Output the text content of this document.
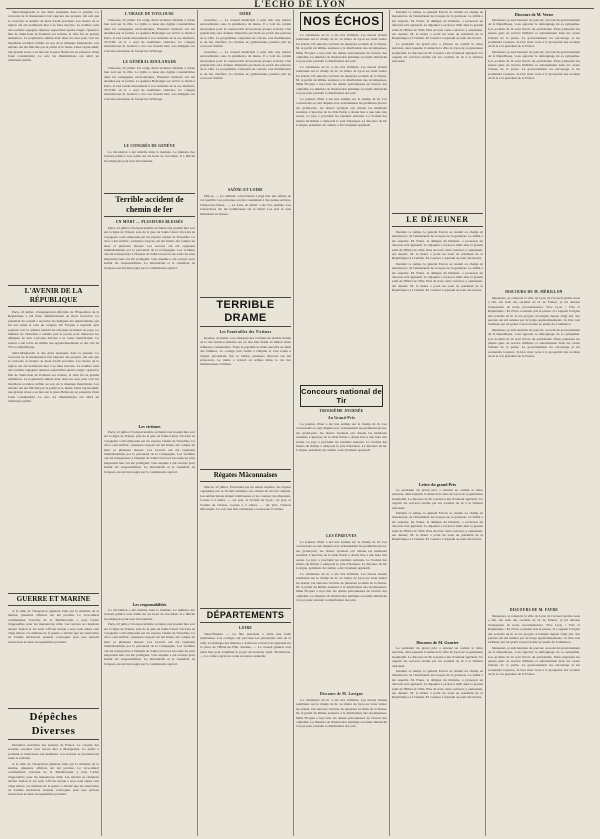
L'ECHO DE LYON

Saint-Marguerite et des deux Arsenaux dans la journée. Le concours de la Renaissance fait toujours des progrès. On sait que le concours se tiendra au mois d'août prochain. Les tireurs de la région ont été nombreux hier à se faire inscrire. Le nombre total des sociétés engagées dépasse aujourd'hui quatre-vingts. Quand la fête de Saint-Jean de Pomaret est arrivée, la ville fut en grande animation. La population entière était dans les rues pour voir les bataillons scolaires défiler au son de la musique municipale. Les enfants ont été félicités par le préfet et le maire. Dans l'après-midi, une grande revue a eu lieu sur la place Bellecour en présence d'une foule considérable. Le soir, les illuminations ont attiré un nombreux public.

L'AVENIR DE LA RÉPUBLIQUE

Paris, 22 juillet. L'inauguration officielle de l'Exposition de la République a été fixée définitivement au mois d'octobre. Le président du conseil a reçu hier les délégués des départements, qui lui ont remis le vœu du congrès. M. Floquet a répondu qu'il espérait voir se réaliser bientôt les réformes promises au pays. Le ministre de l'intérieur a ensuite pris la parole pour remercier les délégués de leur concours dévoué à la cause républicaine. La séance a été levée au milieu des applaudissements et des cris de Vive la République.

Saint-Marguerite et des deux Arsenaux dans la journée. Le concours de la Renaissance fait toujours des progrès. On sait que le concours se tiendra au mois d'août prochain. Les tireurs de la région ont été nombreux hier à se faire inscrire. Le nombre total des sociétés engagées dépasse aujourd'hui quatre-vingts. Quand la fête de Saint-Jean de Pomaret est arrivée, la ville fut en grande animation. La population entière était dans les rues pour voir les bataillons scolaires défiler au son de la musique municipale. Les enfants ont été félicités par le préfet et le maire. Dans l'après-midi, une grande revue a eu lieu sur la place Bellecour en présence d'une foule considérable. Le soir, les illuminations ont attiré un nombreux public.

GUERRE ET MARINE

A la suite de l'inspection générale faite par le ministre de la marine, plusieurs officiers ont été promus. Le vice-amiral commandant l'escadre de la Méditerranée a reçu l'ordre d'appareiller pour les manœuvres d'été. Les navires se réuniront devant Toulon le 1er août. L'École navale a reçu cette année cent vingt élèves. Le ministre de la guerre a décidé que les réservistes de l'armée territoriale seraient convoqués pour une période d'exercices au mois de septembre prochain.

Dépêches Diverses

Dernières nouvelles des stations de France. Le congrès des sociétés savantes s'est ouvert hier à Montpellier. Le préfet a souhaité la bienvenue aux membres. Les travaux se poursuivront toute la semaine.

A la suite de l'inspection générale faite par le ministre de la marine, plusieurs officiers ont été promus. Le vice-amiral commandant l'escadre de la Méditerranée a reçu l'ordre d'appareiller pour les manœuvres d'été. Les navires se réuniront devant Toulon le 1er août. L'École navale a reçu cette année cent vingt élèves. Le ministre de la guerre a décidé que les réservistes de l'armée territoriale seraient convoqués pour une période d'exercices au mois de septembre prochain.

L'ORAGE DE TOULOUSE

Toulouse, 22 juillet. Un orage d'une violence extrême a éclaté hier soir sur la ville. La grêle a causé des dégâts considérables dans les campagnes environnantes. Plusieurs maisons ont été atteintes par la foudre. Le général Boulanger est arrivé ce matin à Paris. Il s'est rendu directement à son domicile de la rue Dumont-d'Urville où il a reçu de nombreux visiteurs. Le congrès international de Genève a clos ses travaux hier. Les délégués ont voté une résolution en faveur de l'arbitrage.

LE GÉNÉRAL BOULANGER

Toulouse, 22 juillet. Un orage d'une violence extrême a éclaté hier soir sur la ville. La grêle a causé des dégâts considérables dans les campagnes environnantes. Plusieurs maisons ont été atteintes par la foudre. Le général Boulanger est arrivé ce matin à Paris. Il s'est rendu directement à son domicile de la rue Dumont-d'Urville où il a reçu de nombreux visiteurs. Le congrès international de Genève a clos ses travaux hier. Les délégués ont voté une résolution en faveur de l'arbitrage.

LE CONGRÈS DE GENÈVE

La circulation a été rétablie dans la matinée. Le ministre des travaux publics s'est rendu sur les lieux de l'accident. Il a félicité les employés pour leur dévouement.

Terrible accident de chemin de fer
UN MORT — PLUSIEURS BLESSÉS

Paris, 22 juillet. Un épouvantable accident s'est produit hier soir sur la ligne de l'Ouest, près de la gare de Saint-Cloud. Un train de voyageurs a été tamponné par un express venant de Versailles. Le choc a été terrible : plusieurs wagons ont été brisés. On compte un mort et plusieurs blessés. Les secours ont été organisés immédiatement par le personnel de la Compagnie. Les victimes ont été transportées à l'hôpital de Saint-Cloud où les soins les plus empressés leur ont été prodigués. Une enquête a été ouverte pour établir les responsabilités. Le mécanicien et le chauffeur de l'express ont été interrogés par le commissaire spécial.

Les victimes

Paris, 22 juillet. Un épouvantable accident s'est produit hier soir sur la ligne de l'Ouest, près de la gare de Saint-Cloud. Un train de voyageurs a été tamponné par un express venant de Versailles. Le choc a été terrible : plusieurs wagons ont été brisés. On compte un mort et plusieurs blessés. Les secours ont été organisés immédiatement par le personnel de la Compagnie. Les victimes ont été transportées à l'hôpital de Saint-Cloud où les soins les plus empressés leur ont été prodigués. Une enquête a été ouverte pour établir les responsabilités. Le mécanicien et le chauffeur de l'express ont été interrogés par le commissaire spécial.

Les responsabilités

La circulation a été rétablie dans la matinée. Le ministre des travaux publics s'est rendu sur les lieux de l'accident. Il a félicité les employés pour leur dévouement.

Paris, 22 juillet. Un épouvantable accident s'est produit hier soir sur la ligne de l'Ouest, près de la gare de Saint-Cloud. Un train de voyageurs a été tamponné par un express venant de Versailles. Le choc a été terrible : plusieurs wagons ont été brisés. On compte un mort et plusieurs blessés. Les secours ont été organisés immédiatement par le personnel de la Compagnie. Les victimes ont été transportées à l'hôpital de Saint-Cloud où les soins les plus empressés leur ont été prodigués. Une enquête a été ouverte pour établir les responsabilités. Le mécanicien et le chauffeur de l'express ont été interrogés par le commissaire spécial.

ISÈRE

Grenoble. — Le conseil municipal a tenu hier une séance extraordinaire sous la présidence du maire. Il a voté les crédits nécessaires pour la construction du nouveau groupe scolaire. Une grande fête sera donnée dimanche prochain au profit des pauvres de la ville. Le programme comprend un concert, une illumination et un feu d'artifice. La Société de gymnastique prendra part au concours fédéral.

Grenoble. — Le conseil municipal a tenu hier une séance extraordinaire sous la présidence du maire. Il a voté les crédits nécessaires pour la construction du nouveau groupe scolaire. Une grande fête sera donnée dimanche prochain au profit des pauvres de la ville. Le programme comprend un concert, une illumination et un feu d'artifice. La Société de gymnastique prendra part au concours fédéral.

SAÔNE-ET-LOIRE

Mâcon. — Le tribunal correctionnel a jugé hier une affaire de vol qualifié. Les prévenus ont été condamnés à des peines sévères. Chalon-sur-Saône. — La foire de juillet a été très animée. Les transactions ont été nombreuses sur le bétail. Les prix se sont maintenus en hausse.

TERRIBLE DRAME
Les Funérailles des Victimes

Roanne, 22 juillet. Les obsèques des victimes du terrible drame de la rue Sainte-Catherine ont eu lieu hier matin au milieu d'une affluence considérable. Toute la population s'était associée au deuil des familles. Le cortège s'est formé à l'hôpital et s'est rendu à l'église paroissiale. Sur la tombe, plusieurs discours ont été prononcés. Le maire a retracé en termes émus la vie des malheureuses victimes.

Régates Mâconnaises

Mâcon, 22 juillet. Favorisées par un temps superbe, les régates organisées par la Société nautique ont obtenu un succès complet. Les embarcations étaient nombreuses et les courses très disputées. Course à 4 rames. — 1er prix, la Société de Lyon ; 2e prix, la Société de Chalon. Course à 2 rames. — 1er prix, l'Aviron mâconnais. Le soir, une fête vénitienne a eu lieu sur la Saône.

DÉPARTEMENTS
LOIRE

Saint-Étienne. — La fête patronale a attiré une foule nombreuse. Les cortèges ont parcouru les principales rues de la ville. La musique des mineurs a donné un concert très applaudi sur la place de l'Hôtel-de-Ville. Roanne. — Le conseil général s'est réuni hier pour examiner le projet du nouveau canal. Montbrison. — Le comice agricole a tenu sa séance annuelle.

NOS ÉCHOS

La cérémonie du tir a été très brillante. Les tireurs étaient nombreux sur le champ de tir. Le maire de Lyon est venu visiter les stands. On annonce l'arrivée de plusieurs sociétés de la Suisse. M. le préfet du Rhône assistera à la distribution des récompenses. Mme Floquet a reçu hier les dames patronnesses de l'œuvre des orphelins. Le ministre de l'instruction publique se rendra dimanche à Lyon pour présider la distribution des prix.

La cérémonie du tir a été très brillante. Les tireurs étaient nombreux sur le champ de tir. Le maire de Lyon est venu visiter les stands. On annonce l'arrivée de plusieurs sociétés de la Suisse. M. le préfet du Rhône assistera à la distribution des récompenses. Mme Floquet a reçu hier les dames patronnesses de l'œuvre des orphelins. Le ministre de l'instruction publique se rendra dimanche à Lyon pour présider la distribution des prix.

La journée d'hier a été très animée sur le champ de tir. Les concurrents se sont disputé avec acharnement les premières places. Au grand-prix, les tireurs lyonnais ont obtenu les meilleurs résultats. L'épreuve de la cible Patrie a donné lieu à une lutte très serrée. Le jury a proclamé les résultats suivants. La Société des tireurs du Rhône a remporté le prix d'honneur. Le discours de M. Lavigne, président du comité, a été vivement applaudi.

Concours national de Tir
TROISIÈME JOURNÉE
Au Grand-Prix

La journée d'hier a été très animée sur le champ de tir. Les concurrents se sont disputé avec acharnement les premières places. Au grand-prix, les tireurs lyonnais ont obtenu les meilleurs résultats. L'épreuve de la cible Patrie a donné lieu à une lutte très serrée. Le jury a proclamé les résultats suivants. La Société des tireurs du Rhône a remporté le prix d'honneur. Le discours de M. Lavigne, président du comité, a été vivement applaudi.

LES ÉPREUVES

La journée d'hier a été très animée sur le champ de tir. Les concurrents se sont disputé avec acharnement les premières places. Au grand-prix, les tireurs lyonnais ont obtenu les meilleurs résultats. L'épreuve de la cible Patrie a donné lieu à une lutte très serrée. Le jury a proclamé les résultats suivants. La Société des tireurs du Rhône a remporté le prix d'honneur. Le discours de M. Lavigne, président du comité, a été vivement applaudi.

La cérémonie du tir a été très brillante. Les tireurs étaient nombreux sur le champ de tir. Le maire de Lyon est venu visiter les stands. On annonce l'arrivée de plusieurs sociétés de la Suisse. M. le préfet du Rhône assistera à la distribution des récompenses. Mme Floquet a reçu hier les dames patronnesses de l'œuvre des orphelins. Le ministre de l'instruction publique se rendra dimanche à Lyon pour présider la distribution des prix.

Discours de M. Lavigne

La cérémonie du tir a été très brillante. Les tireurs étaient nombreux sur le champ de tir. Le maire de Lyon est venu visiter les stands. On annonce l'arrivée de plusieurs sociétés de la Suisse. M. le préfet du Rhône assistera à la distribution des récompenses. Mme Floquet a reçu hier les dames patronnesses de l'œuvre des orphelins. Le ministre de l'instruction publique se rendra dimanche à Lyon pour présider la distribution des prix.

Pendant ce temps, le général Ferron se rendait au champ de manœuvres où l'attendaient les troupes de la garnison. Le défilé a été superbe. M. Faure, le délégué du ministre, a prononcé un discours très applaudi. Le déjeuner a eu lieu à midi dans la grande salle de l'Hôtel de Ville. Plus de trois cents convives y assistaient. Au dessert, M. le maire a porté un toast au président de la République et à l'armée. M. Gourier a répondu au nom des tireurs.

Le président du grand prix a adressé au comité la lettre suivante, dans laquelle il remercie la ville de Lyon de sa généreuse hospitalité. Le discours de M. Gourier a été vivement applaudi. Il a rappelé les services rendus par les sociétés de tir à la défense nationale.

LE DÉJEUNER

Pendant ce temps, le général Ferron se rendait au champ de manœuvres où l'attendaient les troupes de la garnison. Le défilé a été superbe. M. Faure, le délégué du ministre, a prononcé un discours très applaudi. Le déjeuner a eu lieu à midi dans la grande salle de l'Hôtel de Ville. Plus de trois cents convives y assistaient. Au dessert, M. le maire a porté un toast au président de la République et à l'armée. M. Gourier a répondu au nom des tireurs.

Pendant ce temps, le général Ferron se rendait au champ de manœuvres où l'attendaient les troupes de la garnison. Le défilé a été superbe. M. Faure, le délégué du ministre, a prononcé un discours très applaudi. Le déjeuner a eu lieu à midi dans la grande salle de l'Hôtel de Ville. Plus de trois cents convives y assistaient. Au dessert, M. le maire a porté un toast au président de la République et à l'armée. M. Gourier a répondu au nom des tireurs.

Lettre du grand Prix

Le président du grand prix a adressé au comité la lettre suivante, dans laquelle il remercie la ville de Lyon de sa généreuse hospitalité. Le discours de M. Gourier a été vivement applaudi. Il a rappelé les services rendus par les sociétés de tir à la défense nationale.

Pendant ce temps, le général Ferron se rendait au champ de manœuvres où l'attendaient les troupes de la garnison. Le défilé a été superbe. M. Faure, le délégué du ministre, a prononcé un discours très applaudi. Le déjeuner a eu lieu à midi dans la grande salle de l'Hôtel de Ville. Plus de trois cents convives y assistaient. Au dessert, M. le maire a porté un toast au président de la République et à l'armée. M. Gourier a répondu au nom des tireurs.

Discours de M. Gourier

Le président du grand prix a adressé au comité la lettre suivante, dans laquelle il remercie la ville de Lyon de sa généreuse hospitalité. Le discours de M. Gourier a été vivement applaudi. Il a rappelé les services rendus par les sociétés de tir à la défense nationale.

Pendant ce temps, le général Ferron se rendait au champ de manœuvres où l'attendaient les troupes de la garnison. Le défilé a été superbe. M. Faure, le délégué du ministre, a prononcé un discours très applaudi. Le déjeuner a eu lieu à midi dans la grande salle de l'Hôtel de Ville. Plus de trois cents convives y assistaient. Au dessert, M. le maire a porté un toast au président de la République et à l'armée. M. Gourier a répondu au nom des tireurs.

Discours de M. Verne

Messieurs, je suis heureux de pouvoir, au nom du gouvernement de la République, vous apporter le témoignage de sa sympathie. Les sociétés de tir sont l'école du patriotisme. Elles préparent les jeunes gens au service militaire et entretiennent dans les cœurs l'amour de la patrie. Le gouvernement les encourage et les soutiendra toujours. Je lève mon verre à la prospérité des sociétés de tir et à la grandeur de la France.

Messieurs, je suis heureux de pouvoir, au nom du gouvernement de la République, vous apporter le témoignage de sa sympathie. Les sociétés de tir sont l'école du patriotisme. Elles préparent les jeunes gens au service militaire et entretiennent dans les cœurs l'amour de la patrie. Le gouvernement les encourage et les soutiendra toujours. Je lève mon verre à la prospérité des sociétés de tir et à la grandeur de la France.

DISCOURS DE M. MÉRILLON

Messieurs, je remercie la ville de Lyon de l'accueil qu'elle nous a fait. Au nom des sociétés de tir de France, je lui adresse l'expression de notre reconnaissance. Vive Lyon ! Vive la République ! M. Favre a ensuite pris la parole. Il a rappelé l'origine des sociétés de tir et les progrès accomplis depuis vingt ans. Ses paroles ont été saluées par de longs applaudissements. La fête s'est terminée par un grand concert donné au palais du Commerce.

Messieurs, je suis heureux de pouvoir, au nom du gouvernement de la République, vous apporter le témoignage de sa sympathie. Les sociétés de tir sont l'école du patriotisme. Elles préparent les jeunes gens au service militaire et entretiennent dans les cœurs l'amour de la patrie. Le gouvernement les encourage et les soutiendra toujours. Je lève mon verre à la prospérité des sociétés de tir et à la grandeur de la France.

DISCOURS DE M. FAVRE

Messieurs, je remercie la ville de Lyon de l'accueil qu'elle nous a fait. Au nom des sociétés de tir de France, je lui adresse l'expression de notre reconnaissance. Vive Lyon ! Vive la République ! M. Favre a ensuite pris la parole. Il a rappelé l'origine des sociétés de tir et les progrès accomplis depuis vingt ans. Ses paroles ont été saluées par de longs applaudissements. La fête s'est terminée par un grand concert donné au palais du Commerce.

Messieurs, je suis heureux de pouvoir, au nom du gouvernement de la République, vous apporter le témoignage de sa sympathie. Les sociétés de tir sont l'école du patriotisme. Elles préparent les jeunes gens au service militaire et entretiennent dans les cœurs l'amour de la patrie. Le gouvernement les encourage et les soutiendra toujours. Je lève mon verre à la prospérité des sociétés de tir et à la grandeur de la France.
